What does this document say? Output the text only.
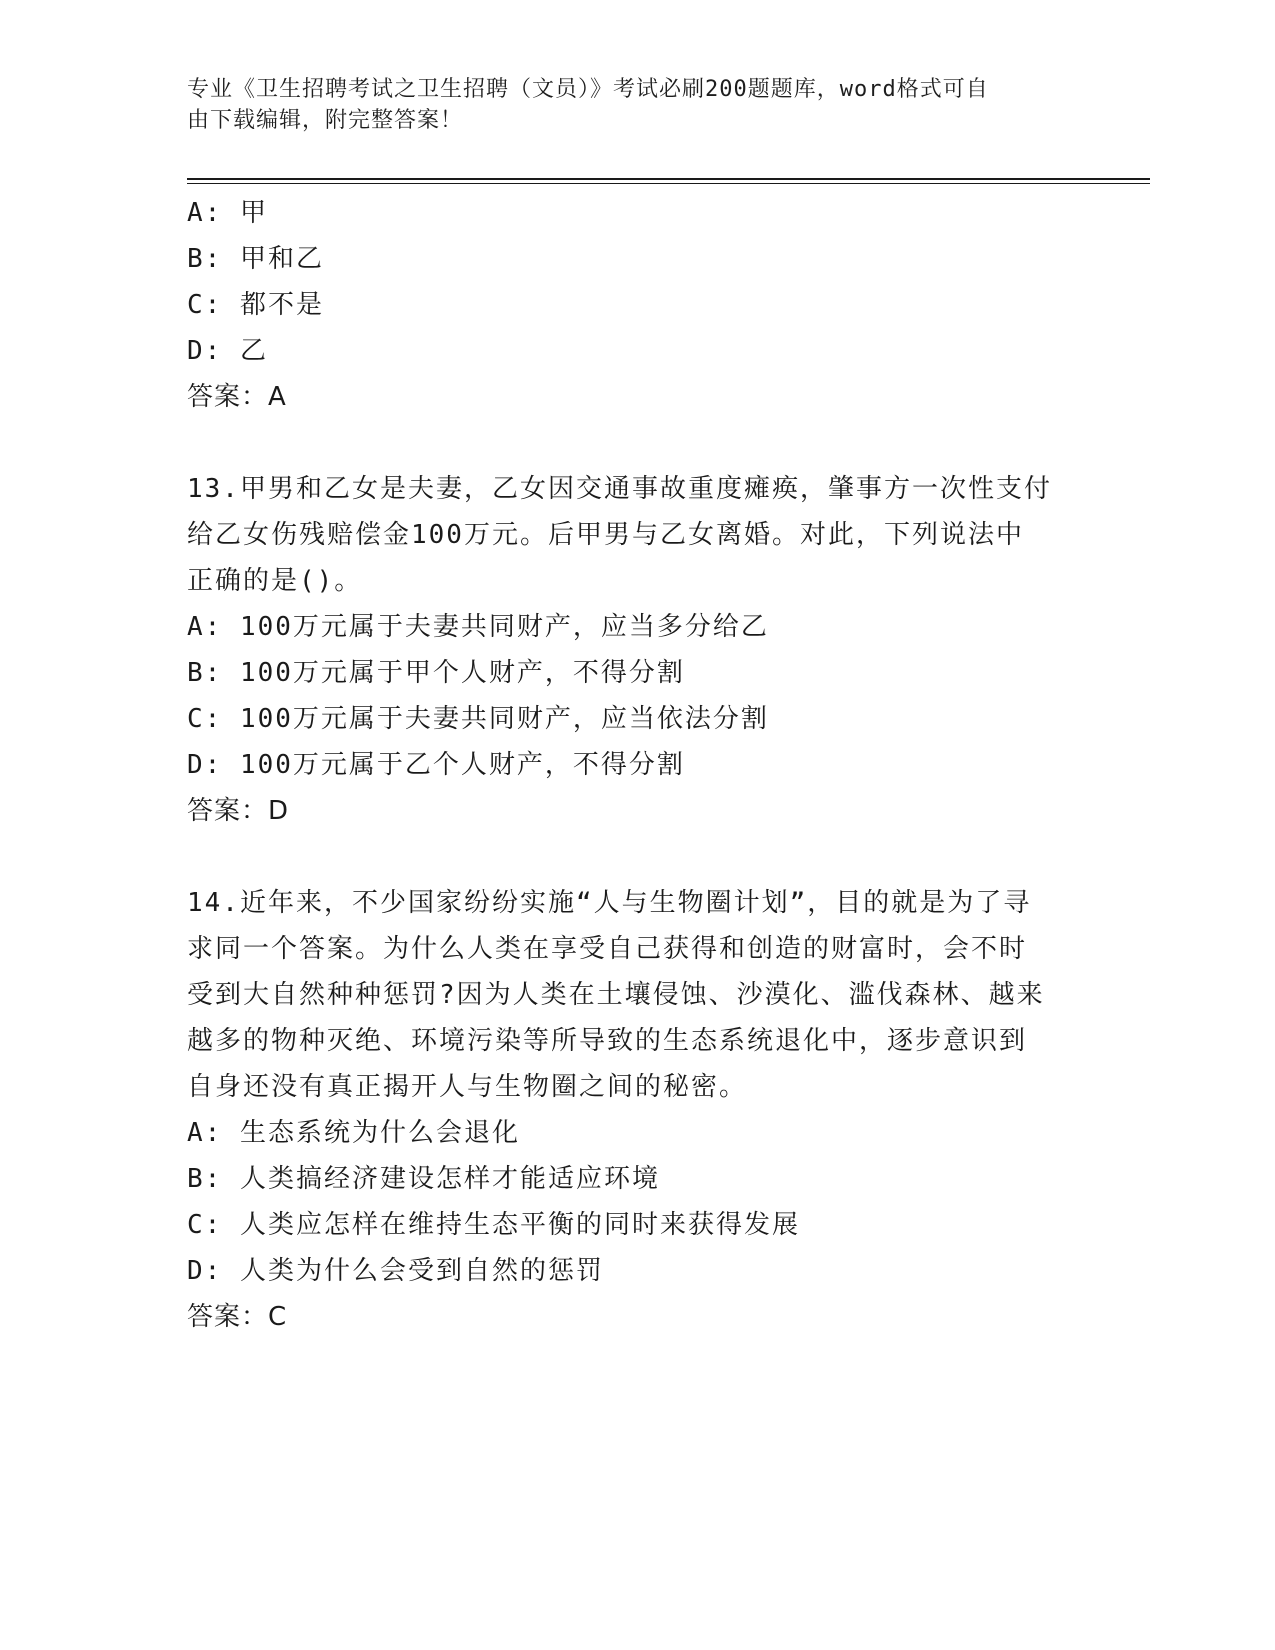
专业《卫生招聘考试之卫生招聘（文员）》考试必刷200题题库，word格式可自
由下载编辑，附完整答案！
A: 甲
B: 甲和乙
C: 都不是
D: 乙
答案：A
13.甲男和乙女是夫妻，乙女因交通事故重度瘫痪，肇事方一次性支付
给乙女伤残赔偿金100万元。后甲男与乙女离婚。对此，下列说法中
正确的是()。
A: 100万元属于夫妻共同财产，应当多分给乙
B: 100万元属于甲个人财产，不得分割
C: 100万元属于夫妻共同财产，应当依法分割
D: 100万元属于乙个人财产，不得分割
答案：D
14.近年来，不少国家纷纷实施“人与生物圈计划”，目的就是为了寻
求同一个答案。为什么人类在享受自己获得和创造的财富时，会不时
受到大自然种种惩罚?因为人类在土壤侵蚀、沙漠化、滥伐森林、越来
越多的物种灭绝、环境污染等所导致的生态系统退化中，逐步意识到
自身还没有真正揭开人与生物圈之间的秘密。
A: 生态系统为什么会退化
B: 人类搞经济建设怎样才能适应环境
C: 人类应怎样在维持生态平衡的同时来获得发展
D: 人类为什么会受到自然的惩罚
答案：C
